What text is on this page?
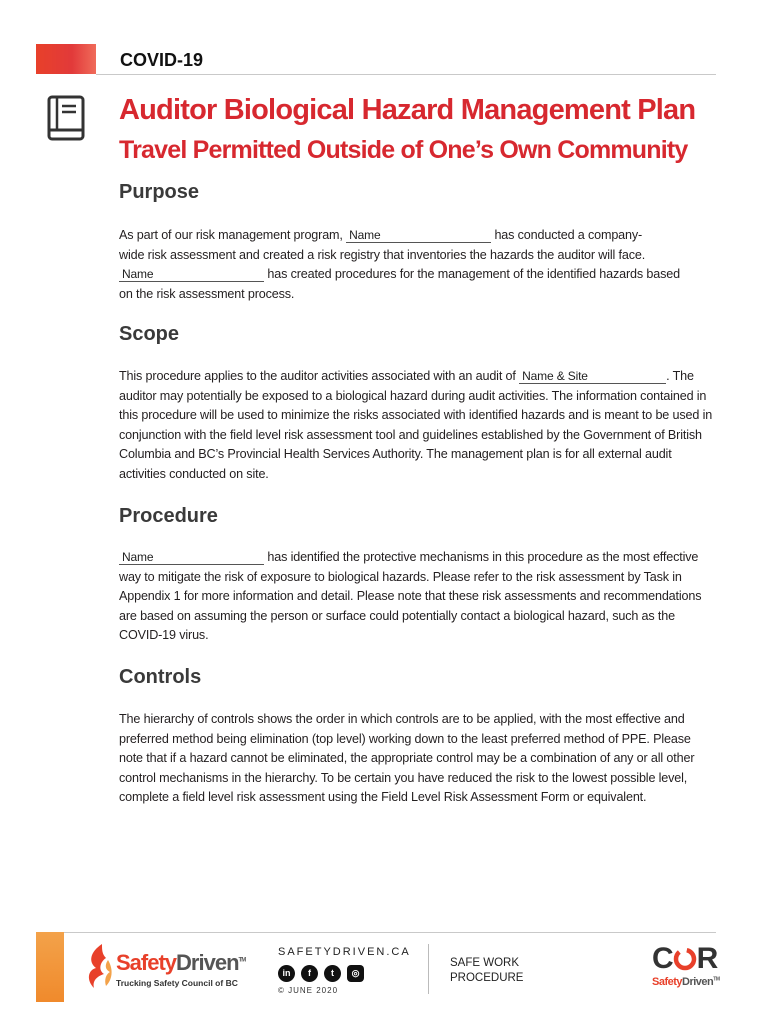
COVID-19
Auditor Biological Hazard Management Plan
Travel Permitted Outside of One’s Own Community
Purpose
As part of our risk management program, Name	has conducted a company-
wide risk assessment and created a risk registry that inventories the hazards the auditor will face.
Name	has created procedures for the management of the identified hazards based
on the risk assessment process.
Scope
This procedure applies to the auditor activities associated with an audit of Name & Site	. The auditor may potentially be exposed to a biological hazard during audit activities. The information contained in this procedure will be used to minimize the risks associated with identified hazards and is meant to be used in conjunction with the field level risk assessment tool and guidelines established by the Government of British Columbia and BC’s Provincial Health Services Authority. The management plan is for all external audit activities conducted on site.
Procedure
Name	has identified the protective mechanisms in this procedure as the most effective way to mitigate the risk of exposure to biological hazards. Please refer to the risk assessment by Task in Appendix 1 for more information and detail. Please note that these risk assessments and recommendations are based on assuming the person or surface could potentially contact a biological hazard, such as the COVID-19 virus.
Controls
The hierarchy of controls shows the order in which controls are to be applied, with the most effective and preferred method being elimination (top level) working down to the least preferred method of PPE. Please note that if a hazard cannot be eliminated, the appropriate control may be a combination of any or all other control mechanisms in the hierarchy. To be certain you have reduced the risk to the lowest possible level, complete a field level risk assessment using the Field Level Risk Assessment Form or equivalent.
SafetyDriven™
Trucking Safety Council of BC
SAFETYDRIVEN.CA
in f t ◎
© JUNE 2020
SAFE WORK
PROCEDURE
C R
SafetyDriven™
